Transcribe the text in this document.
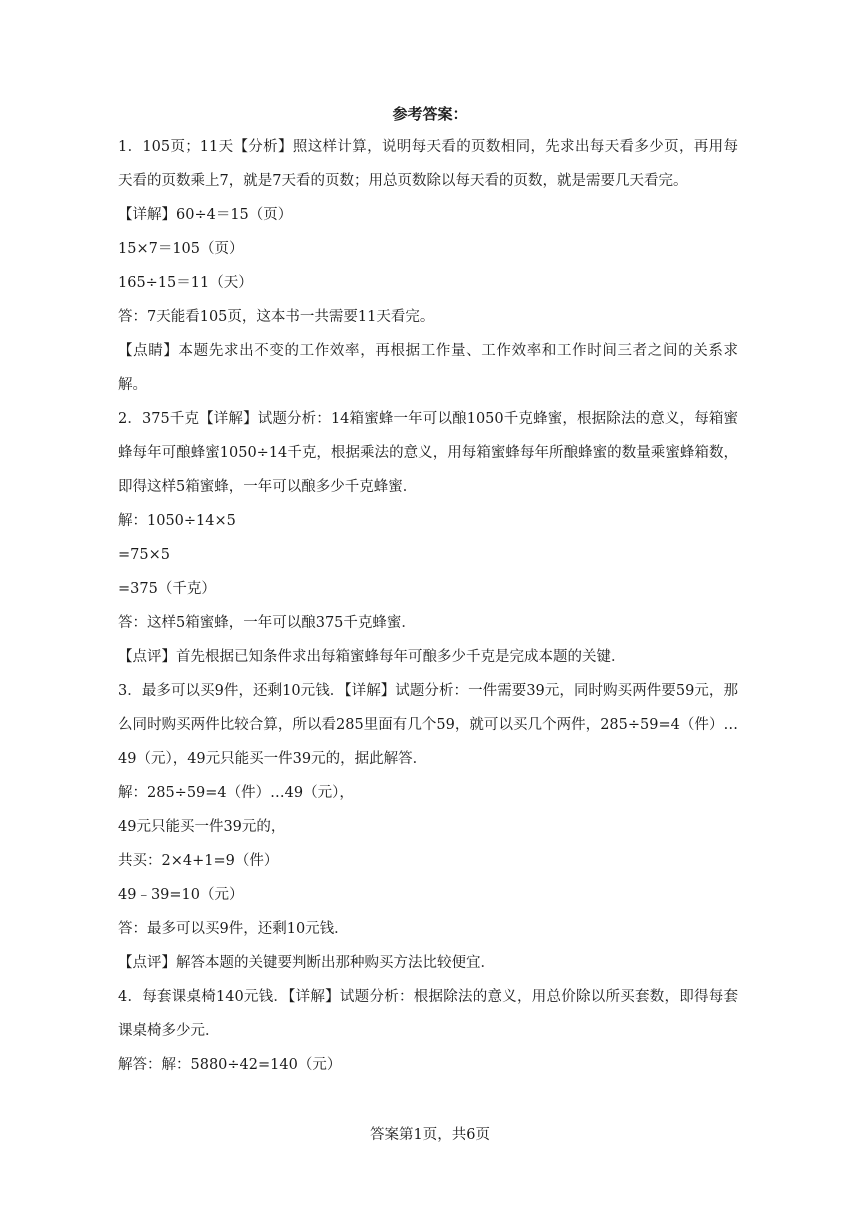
参考答案：

1．105页；11天【分析】照这样计算，说明每天看的页数相同，先求出每天看多少页，再用每天看的页数乘上7，就是7天看的页数；用总页数除以每天看的页数，就是需要几天看完。

【详解】60÷4＝15（页）

15×7＝105（页）

165÷15＝11（天）

答：7天能看105页，这本书一共需要11天看完。

【点睛】本题先求出不变的工作效率，再根据工作量、工作效率和工作时间三者之间的关系求解。

2．375千克【详解】试题分析：14箱蜜蜂一年可以酿1050千克蜂蜜，根据除法的意义，每箱蜜蜂每年可酿蜂蜜1050÷14千克，根据乘法的意义，用每箱蜜蜂每年所酿蜂蜜的数量乘蜜蜂箱数，即得这样5箱蜜蜂，一年可以酿多少千克蜂蜜．

解：1050÷14×5

=75×5

=375（千克）

答：这样5箱蜜蜂，一年可以酿375千克蜂蜜．

【点评】首先根据已知条件求出每箱蜜蜂每年可酿多少千克是完成本题的关键．

3．最多可以买9件，还剩10元钱．【详解】试题分析：一件需要39元，同时购买两件要59元，那么同时购买两件比较合算，所以看285里面有几个59，就可以买几个两件，285÷59=4（件）…49（元），49元只能买一件39元的，据此解答．

解：285÷59=4（件）…49（元），

49元只能买一件39元的，

共买：2×4+1=9（件）

49﹣39=10（元）

答：最多可以买9件，还剩10元钱．

【点评】解答本题的关键要判断出那种购买方法比较便宜．

4．每套课桌椅140元钱．【详解】试题分析：根据除法的意义，用总价除以所买套数，即得每套课桌椅多少元．

解答：解：5880÷42=140（元）

答案第1页，共6页
